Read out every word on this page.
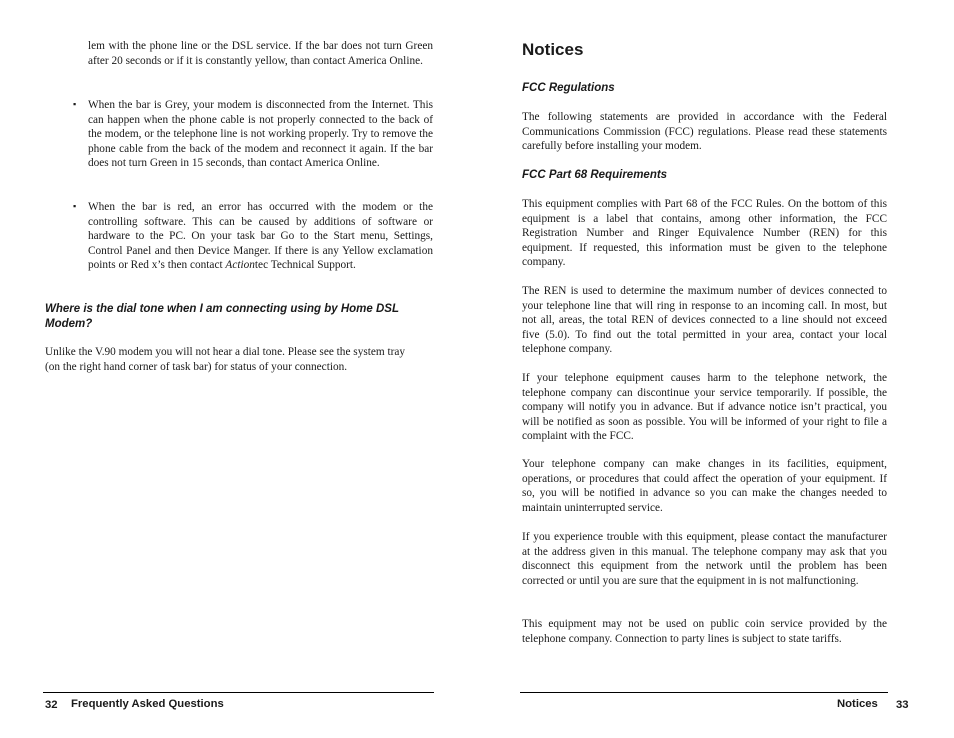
lem with the phone line or the DSL service. If the bar does not turn Green after 20 seconds or if it is constantly yellow, than contact America Online.

▪ When the bar is Grey, your modem is disconnected from the Internet. This can happen when the phone cable is not properly connected to the back of the modem, or the telephone line is not working properly. Try to remove the phone cable from the back of the modem and reconnect it again. If the bar does not turn Green in 15 seconds, than contact America Online.

▪ When the bar is red, an error has occurred with the modem or the controlling software. This can be caused by additions of software or hardware to the PC. On your task bar Go to the Start menu, Settings, Control Panel and then Device Manger. If there is any Yellow exclamation points or Red x’s then contact Actiontec Technical Support.

Where is the dial tone when I am connecting using by Home DSL Modem?

Unlike the V.90 modem you will not hear a dial tone. Please see the system tray (on the right hand corner of task bar) for status of your connection.

32 Frequently Asked Questions
Notices

FCC Regulations

The following statements are provided in accordance with the Federal Communications Commission (FCC) regulations. Please read these statements carefully before installing your modem.

FCC Part 68 Requirements

This equipment complies with Part 68 of the FCC Rules. On the bottom of this equipment is a label that contains, among other information, the FCC Registration Number and Ringer Equivalence Number (REN) for this equipment. If requested, this information must be given to the telephone company.

The REN is used to determine the maximum number of devices connected to your telephone line that will ring in response to an incoming call. In most, but not all, areas, the total REN of devices connected to a line should not exceed five (5.0). To find out the total permitted in your area, contact your local telephone company.

If your telephone equipment causes harm to the telephone network, the telephone company can discontinue your service temporarily. If possible, the company will notify you in advance. But if advance notice isn’t practical, you will be notified as soon as possible. You will be informed of your right to file a complaint with the FCC.

Your telephone company can make changes in its facilities, equipment, operations, or procedures that could affect the operation of your equipment. If so, you will be notified in advance so you can make the changes needed to maintain uninterrupted service.

If you experience trouble with this equipment, please contact the manufacturer at the address given in this manual. The telephone company may ask that you disconnect this equipment from the network until the problem has been corrected or until you are sure that the equipment in is not malfunctioning.

This equipment may not be used on public coin service provided by the telephone company. Connection to party lines is subject to state tariffs.

Notices 33
